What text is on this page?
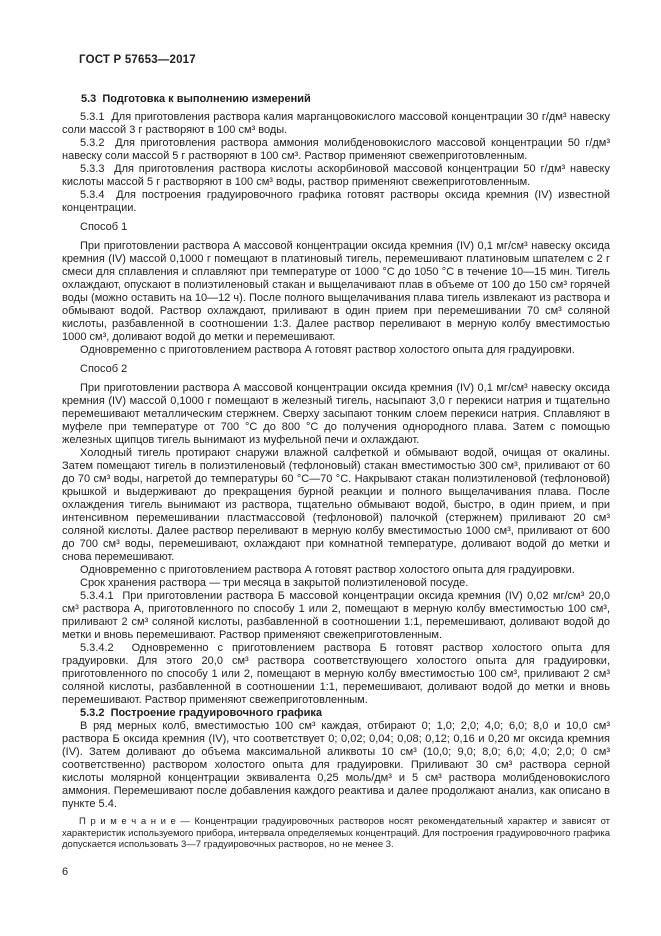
ГОСТ Р 57653—2017
5.3  Подготовка к выполнению измерений
5.3.1  Для приготовления раствора калия марганцовокислого массовой концентрации 30 г/дм³ навеску соли массой 3 г растворяют в 100 см³ воды.
5.3.2  Для приготовления раствора аммония молибденовокислого массовой концентрации 50 г/дм³ навеску соли массой 5 г растворяют в 100 см³. Раствор применяют свежеприготовленным.
5.3.3  Для приготовления раствора кислоты аскорбиновой массовой концентрации 50 г/дм³ навеску кислоты массой 5 г растворяют в 100 см³ воды, раствор применяют свежеприготовленным.
5.3.4  Для построения градуировочного графика готовят растворы оксида кремния (IV) известной концентрации.
Способ 1
При приготовлении раствора А массовой концентрации оксида кремния (IV) 0,1 мг/см³ навеску оксида кремния (IV) массой 0,1000 г помещают в платиновый тигель, перемешивают платиновым шпателем с 2 г смеси для сплавления и сплавляют при температуре от 1000 °С до 1050 °С в течение 10—15 мин. Тигель охлаждают, опускают в полиэтиленовый стакан и выщелачивают плав в объеме от 100 до 150 см³ горячей воды (можно оставить на 10—12 ч). После полного выщелачивания плава тигель извлекают из раствора и обмывают водой. Раствор охлаждают, приливают в один прием при перемешивании 70 см³ соляной кислоты, разбавленной в соотношении 1:3. Далее раствор переливают в мерную колбу вместимостью 1000 см³, доливают водой до метки и перемешивают.
Одновременно с приготовлением раствора А готовят раствор холостого опыта для градуировки.
Способ 2
При приготовлении раствора А массовой концентрации оксида кремния (IV) 0,1 мг/см³ навеску оксида кремния (IV) массой 0,1000 г помещают в железный тигель, насыпают 3,0 г перекиси натрия и тщательно перемешивают металлическим стержнем. Сверху засыпают тонким слоем перекиси натрия. Сплавляют в муфеле при температуре от 700 °С до 800 °С до получения однородного плава. Затем с помощью железных щипцов тигель вынимают из муфельной печи и охлаждают.
Холодный тигель протирают снаружи влажной салфеткой и обмывают водой, очищая от окалины. Затем помещают тигель в полиэтиленовый (тефлоновый) стакан вместимостью 300 см³, приливают от 60 до 70 см³ воды, нагретой до температуры 60 °С—70 °С. Накрывают стакан полиэтиленовой (тефлоновой) крышкой и выдерживают до прекращения бурной реакции и полного выщелачивания плава. После охлаждения тигель вынимают из раствора, тщательно обмывают водой, быстро, в один прием, и при интенсивном перемешивании пластмассовой (тефлоновой) палочкой (стержнем) приливают 20 см³ соляной кислоты. Далее раствор переливают в мерную колбу вместимостью 1000 см³, приливают от 600 до 700 см³ воды, перемешивают, охлаждают при комнатной температуре, доливают водой до метки и снова перемешивают.
Одновременно с приготовлением раствора А готовят раствор холостого опыта для градуировки.
Срок хранения раствора — три месяца в закрытой полиэтиленовой посуде.
5.3.4.1  При приготовлении раствора Б массовой концентрации оксида кремния (IV) 0,02 мг/см³ 20,0 см³ раствора А, приготовленного по способу 1 или 2, помещают в мерную колбу вместимостью 100 см³, приливают 2 см³ соляной кислоты, разбавленной в соотношении 1:1, перемешивают, доливают водой до метки и вновь перемешивают. Раствор применяют свежеприготовленным.
5.3.4.2  Одновременно с приготовлением раствора Б готовят раствор холостого опыта для градуировки. Для этого 20,0 см³ раствора соответствующего холостого опыта для градуировки, приготовленного по способу 1 или 2, помещают в мерную колбу вместимостью 100 см³, приливают 2 см³ соляной кислоты, разбавленной в соотношении 1:1, перемешивают, доливают водой до метки и вновь перемешивают. Раствор применяют свежеприготовленным.
5.3.2  Построение градуировочного графика
В ряд мерных колб, вместимостью 100 см³ каждая, отбирают 0; 1,0; 2,0; 4,0; 6,0; 8,0 и 10,0 см³ раствора Б оксида кремния (IV), что соответствует 0; 0,02; 0,04; 0,08; 0,12; 0,16 и 0,20 мг оксида кремния (IV). Затем доливают до объема максимальной аликвоты 10 см³ (10,0; 9,0; 8,0; 6,0; 4,0; 2,0; 0 см³ соответственно) раствором холостого опыта для градуировки. Приливают 30 см³ раствора серной кислоты молярной концентрации эквивалента 0,25 моль/дм³ и 5 см³ раствора молибденовокислого аммония. Перемешивают после добавления каждого реактива и далее продолжают анализ, как описано в пункте 5.4.
П р и м е ч а н и е — Концентрации градуировочных растворов носят рекомендательный характер и зависят от характеристик используемого прибора, интервала определяемых концентраций. Для построения градуировочного графика допускается использовать 3—7 градуировочных растворов, но не менее 3.
6
